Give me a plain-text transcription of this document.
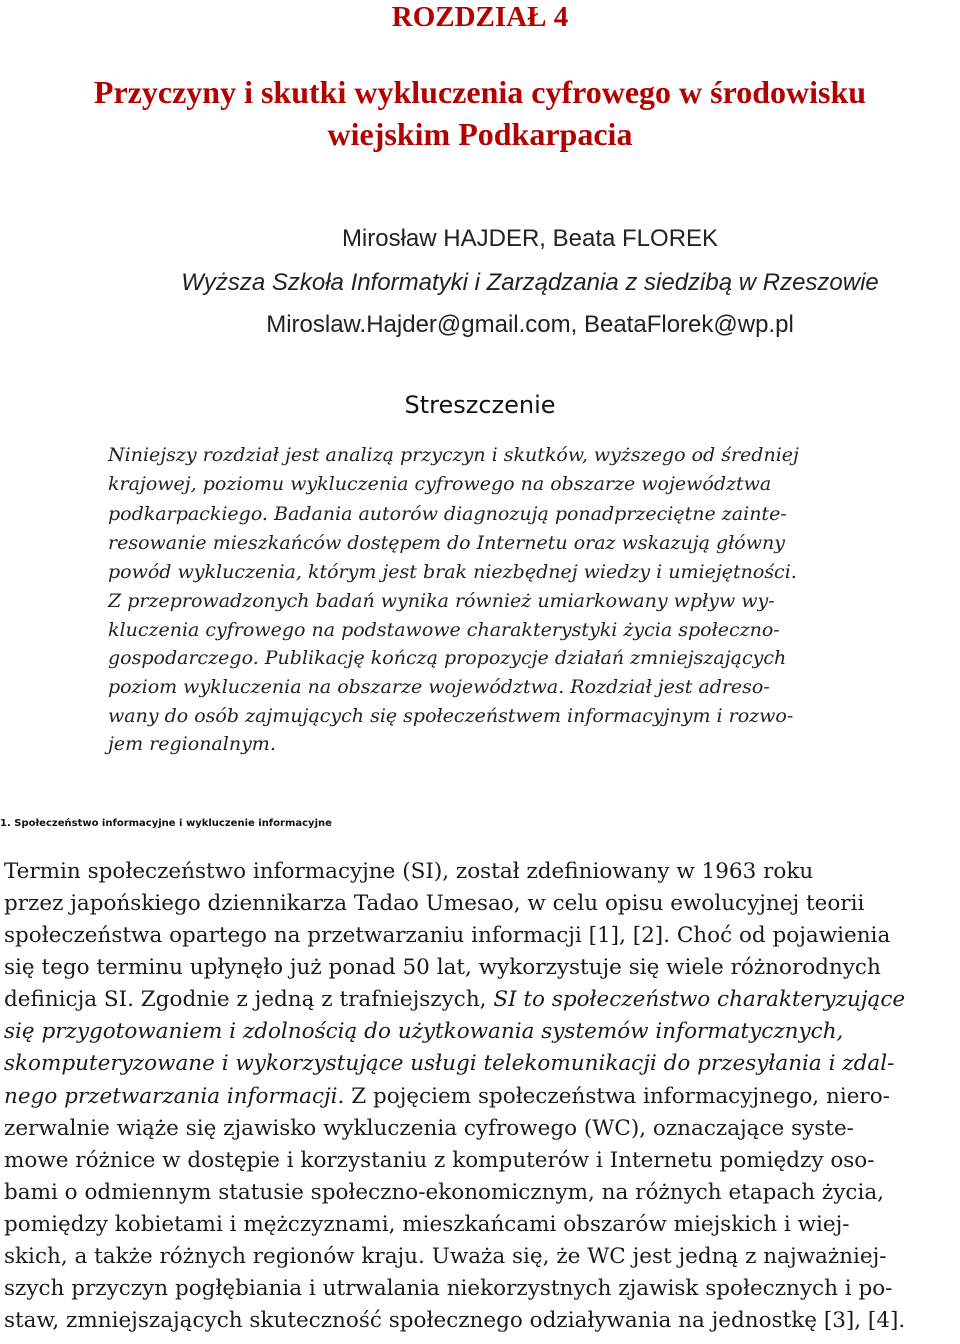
ROZDZIAŁ 4
Przyczyny i skutki wykluczenia cyfrowego w środowisku
wiejskim Podkarpacia
Mirosław HAJDER, Beata FLOREK
Wyższa Szkoła Informatyki i Zarządzania z siedzibą w Rzeszowie
Miroslaw.Hajder@gmail.com, BeataFlorek@wp.pl
Streszczenie
Niniejszy rozdział jest analizą przyczyn i skutków, wyższego od średniej
krajowej, poziomu wykluczenia cyfrowego na obszarze województwa
podkarpackiego. Badania autorów diagnozują ponadprzeciętne zainte-
resowanie mieszkańców dostępem do Internetu oraz wskazują główny
powód wykluczenia, którym jest brak niezbędnej wiedzy i umiejętności.
Z przeprowadzonych badań wynika również umiarkowany wpływ wy-
kluczenia cyfrowego na podstawowe charakterystyki życia społeczno-
gospodarczego. Publikację kończą propozycje działań zmniejszających
poziom wykluczenia na obszarze województwa. Rozdział jest adreso-
wany do osób zajmujących się społeczeństwem informacyjnym i rozwo-
jem regionalnym.
1. Społeczeństwo informacyjne i wykluczenie informacyjne
Termin społeczeństwo informacyjne (SI), został zdefiniowany w 1963 roku
przez japońskiego dziennikarza Tadao Umesao, w celu opisu ewolucyjnej teorii
społeczeństwa opartego na przetwarzaniu informacji [1], [2]. Choć od pojawienia
się tego terminu upłynęło już ponad 50 lat, wykorzystuje się wiele różnorodnych
definicja SI. Zgodnie z jedną z trafniejszych, SI to społeczeństwo charakteryzujące
się przygotowaniem i zdolnością do użytkowania systemów informatycznych,
skomputeryzowane i wykorzystujące usługi telekomunikacji do przesyłania i zdal-
nego przetwarzania informacji. Z pojęciem społeczeństwa informacyjnego, niero-
zerwalnie wiąże się zjawisko wykluczenia cyfrowego (WC), oznaczające syste-
mowe różnice w dostępie i korzystaniu z komputerów i Internetu pomiędzy oso-
bami o odmiennym statusie społeczno-ekonomicznym, na różnych etapach życia,
pomiędzy kobietami i mężczyznami, mieszkańcami obszarów miejskich i wiej-
skich, a także różnych regionów kraju. Uważa się, że WC jest jedną z najważniej-
szych przyczyn pogłębiania i utrwalania niekorzystnych zjawisk społecznych i po-
staw, zmniejszających skuteczność społecznego odziaływania na jednostkę [3], [4].
